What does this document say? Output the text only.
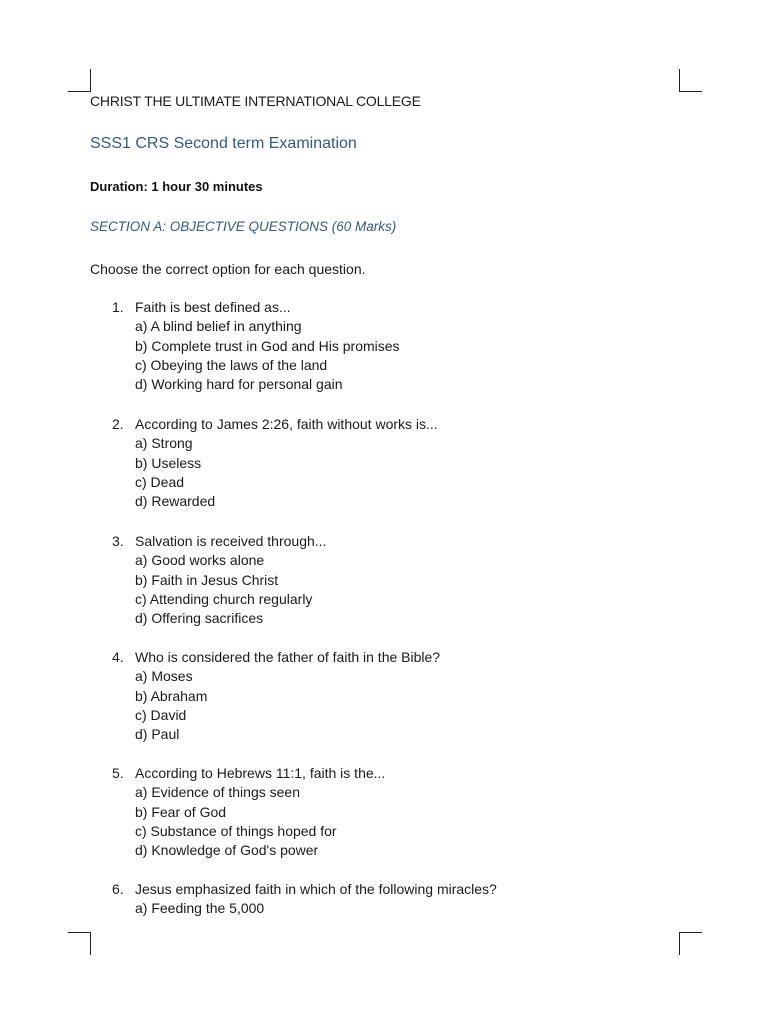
CHRIST THE ULTIMATE INTERNATIONAL COLLEGE
SSS1 CRS Second term Examination
Duration: 1 hour 30 minutes
SECTION A: OBJECTIVE QUESTIONS (60 Marks)
Choose the correct option for each question.
1. Faith is best defined as...
a) A blind belief in anything
b) Complete trust in God and His promises
c) Obeying the laws of the land
d) Working hard for personal gain
2. According to James 2:26, faith without works is...
a) Strong
b) Useless
c) Dead
d) Rewarded
3. Salvation is received through...
a) Good works alone
b) Faith in Jesus Christ
c) Attending church regularly
d) Offering sacrifices
4. Who is considered the father of faith in the Bible?
a) Moses
b) Abraham
c) David
d) Paul
5. According to Hebrews 11:1, faith is the...
a) Evidence of things seen
b) Fear of God
c) Substance of things hoped for
d) Knowledge of God's power
6. Jesus emphasized faith in which of the following miracles?
a) Feeding the 5,000
